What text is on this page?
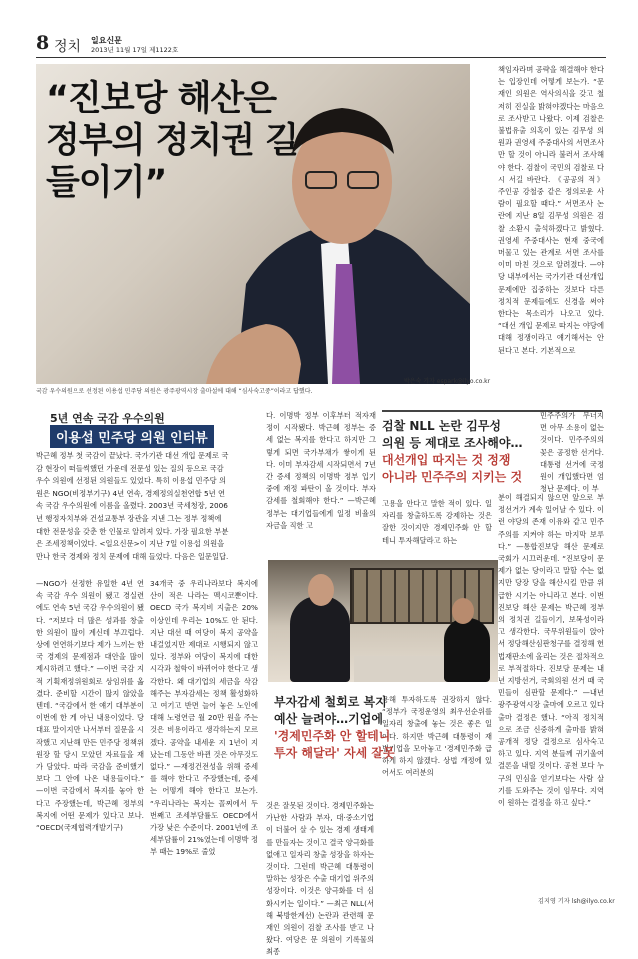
8 정치 일요신문
2013년 11월 17일 제1122호
“진보당 해산은 정부의 정치권 길들이기”
국감 우수의원으로 선정된 이용섭 민주당 의원은 광주광역시장 출마설에 대해 “심사숙고중”이라고 답했다.
박은숙 기자 espark@ilyo.co.kr
5년 연속 국감 우수의원
이용섭 민주당 의원 인터뷰
박근혜 정부 첫 국감이 끝났다. 국가기관 대선 개입 문제로 국감 현장이 떠들썩했던 가운데 전문성 있는 질의 등으로 국감 우수 의원에 선정된 의원들도 있었다. 특히 이용섭 민주당 의원은 NGO(비정부기구) 4년 연속, 경제정의실천연합 5년 연속 국감 우수의원에 이름을 올렸다. 2003년 국세청장, 2006년 행정자치부와 건설교통부 장관을 지낸 그는 정부 정책에 대한 전문성을 갖춘 한 인물로 알려져 있다. 가장 필요한 부분은 조세정책이었다. <일요신문>이 지난 7일 이용섭 의원을 만나 한국 경제와 정치 문제에 대해 들었다. 다음은 일문일답.
—NGO가 선정한 유일한 4년 연속 국감 우수 의원이 됐고 경실련에도 연속 5년 국감 우수의원이 됐다. “저보다 더 많은 성과를 창출한 의원이 많이 계신데 부끄럽다. 상에 연연하기보다 제가 느끼는 한국 경제의 문제점과 대안을 많이 제시하려고 했다.” —이번 국감 지적 기획재정위원회로 상임위를 옮겼다. 준비할 시간이 많지 않았을 텐데. “국감에서 한 얘기 대부분이 이번에 한 게 아닌 내용이었다. 당 대표 말이지만 나서부터 질문을 시작했고 지난해 만든 민주당 정책위원장 할 당시 모았던 자료들을 재가 담았다. 따라 국감을 준비했기보다 그 안에 나온 내용들이다.” —이번 국감에서 복지를 놓아 한다고 주장했는데, 박근혜 정부의 복지에 어떤 문제가 있다고 보나. “OECD(국제협력개발기구)
34개국 중 우리나라보다 복지에 산이 적은 나라는 멕시코뿐이다. OECD 국가 복지비 지출은 20% 이상인데 우리는 10%도 안 된다. 지난 대선 때 여당이 복지 공약을 내걸었지만 제대로 시행되지 않고 있다. 정부와 여당이 복지에 대한 시각과 철학이 바뀌어야 한다고 생각한다. 왜 대기업의 세금을 삭감해주는 부자감세는 정책 활성화하고 여기고 반면 늘어 놓은 노인에 대해 노령연금 월 20만 원을 주는 것은 비용이라고 생각하는지 모르겠다. 공약을 내세운 지 1년이 지났는데 그동안 바뀐 것은 아무것도 없다.” —재정건전성을 위해 증세를 해야 한다고 주장했는데, 증세는 어떻게 해야 한다고 보는가. “우리나라는 복지는 꼴찌에서 두 번째고 조세부담률도 OECD에서 가장 낮은 수준이다. 2001년에 조세부담률이 21%였는데 이명박 정부 때는 19%로 줄었
다. 이명박 정부 이후부터 적자재정이 시작됐다. 박근혜 정부는 증세 없는 복지를 한다고 하지만 그렇게 되면 국가부채가 쌓이게 된다. 이미 부자감세 시작되면서 7년간 증세 정책의 이명박 정부 입기 중에 재정 파탄이 올 것이다. 부자감세를 철회해야 한다.” —박근혜 정부는 대기업들에게 일정 비율의 자금을 직한 고
것은 잘못된 것이다. 경제민주화는 가난한 사람과 부자, 대·중소기업이 더불어 살 수 있는 경제 생태계를 만들자는 것이고 결국 양극화를 없애고 일자리 창출 성장을 하자는 것이다. 그런데 박근혜 대통령이 말하는 성장은 수출 대기업 위주의 성장이다. 이것은 양극화를 더 심화시키는 일이다.” —최근 NLL(서해 북방한계선) 논란과 관련해 문재인 의원이 검찰 조사를 받고 나왔다. 여당은 문 의원이 기록물의 최종
고용을 안다고 말한 적이 있다. 일자리를 창출하도록 강제하는 것은 잘한 것이지만 경제민주화 안 할 테니 투자해달라고 하는
책임자라며 공략을 해결해야 한다는 입장인데 어떻게 보는가. “문재인 의원은 역사의식을 갖고 철저히 진실을 밝혀야겠다는 마음으로 조사받고 나왔다. 이제 검찰은 불법유출 의혹이 있는 김무성 의원과 권영세 주중대사의 서면조사만 할 것이 아니라 불러서 조사해야 한다. 검찰이 국민의 검찰로 다시 서길 바란다. 《공공의 적》 주인공 강철중 같은 정의로운 사람이 필요할 때다.” 서면조사 논란에 지난 8일 김무성 의원은 검찰 소환시 출석하겠다고 밝혔다. 권영세 주중대사는 현재 중국에 머물고 있는 관계로 서면 조사를 이미 마친 것으로 알려졌다. —야당 내부에서는 국가기관 대선개입 문제에만 집중하는 것보다 다른 정치적 문제들에도 신경을 써야 한다는 목소리가 나오고 있다. “대선 개입 문제로 따지는 야당에 대해 정쟁이라고 얘기해서는 안 된다고 본다. 기본적으로
민주주의가 무너지면 아무 소용이 없는 것이다. 민주주의의 꽃은 공정한 선거다. 대통령 선거에 국정원이 개입했다면 엄청난 문제다. 이 부
분이 해결되지 않으면 앞으로 부정선거가 계속 일어날 수 있다. 이런 야당의 존재 이유와 같고 민주주의를 지켜야 하는 마지막 보루다.” —통합진보당 해산 문제로 국회가 시끄러운데. “진보당이 문제가 없는 당이라고 말할 수는 없지만 당장 당을 해산시킬 만큼 위급한 시기는 아니라고 본다. 이번 진보당 해산 문제는 박근혜 정부의 정치권 길들이기, 보복성이라고 생각한다. 국무위원들이 앉아서 정당해산심판청구를 결정해 헌법재판소에 올리는 것은 절차적으로 부적절하다. 진보당 문제는 내년 지방선거, 국회의원 선거 때 국민들이 심판할 문제다.” —내년 광주광역시장 출마에 오르고 있다 출마 결정은 했나. “아직 정치적으로 조금 신중하게 출마를 밝혀 공개적 정당 결정으로 심사숙고 하고 있다. 지역 분들께 귀기울여 결론을 내릴 것이다. 공천 보다 누구의 민심을 얻기보다는 사람 살기를 도와주는 것이 임무다. 지역이 원하는 결정을 하고 싶다.”
용해 투자하도록 권장하지 않다. “정부가 국정운영의 최우선순위를 일자리 창출에 놓는 것은 좋은 일이다. 하지만 박근혜 대통령이 재벌기업을 모아놓고 '경제민주화 급하게 하지 않겠다. 상법 개정에 있어서도 여러분의
검찰 NLL 논란 김무성
의원 등 제대로 조사해야…
대선개입 따지는 것 정쟁
아니라 민주주의 지키는 것
부자감세 철회로 복지
예산 늘려야…기업에
'경제민주화 안 할테니
투자 해달라' 자세 잘못
김지영 기자 lsh@ilyo.co.kr
